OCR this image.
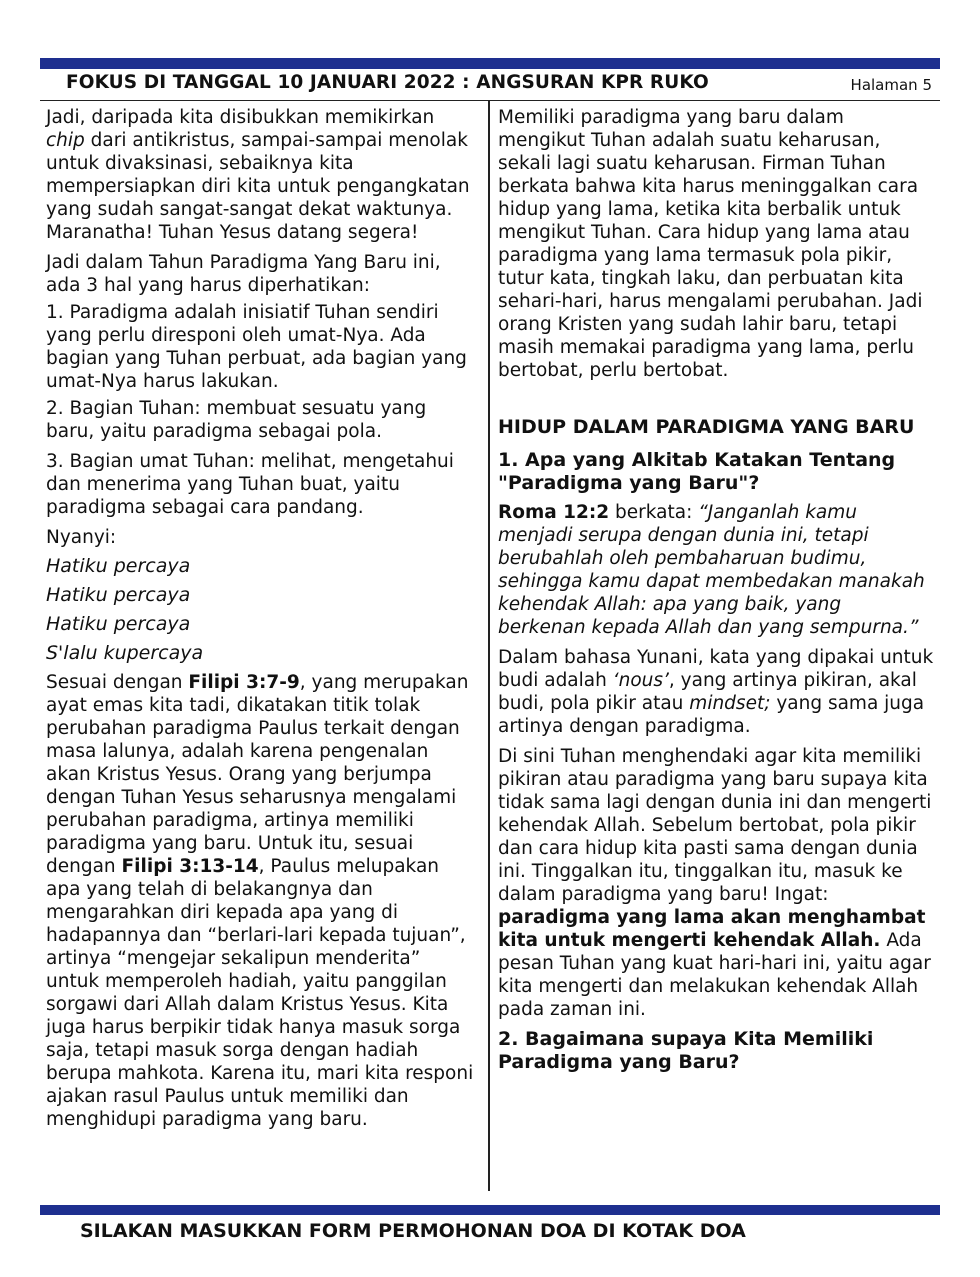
FOKUS DI TANGGAL 10 JANUARI 2022 : ANGSURAN KPR RUKO	Halaman 5

Jadi, daripada kita disibukkan memikirkan chip dari antikristus, sampai-sampai menolak untuk divaksinasi, sebaiknya kita mempersiapkan diri kita untuk pengangkatan yang sudah sangat-sangat dekat waktunya. Maranatha! Tuhan Yesus datang segera!

Jadi dalam Tahun Paradigma Yang Baru ini, ada 3 hal yang harus diperhatikan:

1. Paradigma adalah inisiatif Tuhan sendiri yang perlu diresponi oleh umat-Nya. Ada bagian yang Tuhan perbuat, ada bagian yang umat-Nya harus lakukan.

2. Bagian Tuhan: membuat sesuatu yang baru, yaitu paradigma sebagai pola.

3. Bagian umat Tuhan: melihat, mengetahui dan menerima yang Tuhan buat, yaitu paradigma sebagai cara pandang.

Nyanyi:

Hatiku percaya
Hatiku percaya
Hatiku percaya
S'lalu kupercaya

Sesuai dengan Filipi 3:7-9, yang merupakan ayat emas kita tadi, dikatakan titik tolak perubahan paradigma Paulus terkait dengan masa lalunya, adalah karena pengenalan akan Kristus Yesus. Orang yang berjumpa dengan Tuhan Yesus seharusnya mengalami perubahan paradigma, artinya memiliki paradigma yang baru. Untuk itu, sesuai dengan Filipi 3:13-14, Paulus melupakan apa yang telah di belakangnya dan mengarahkan diri kepada apa yang di hadapannya dan “berlari-lari kepada tujuan”, artinya “mengejar sekalipun menderita” untuk memperoleh hadiah, yaitu panggilan sorgawi dari Allah dalam Kristus Yesus. Kita juga harus berpikir tidak hanya masuk sorga saja, tetapi masuk sorga dengan hadiah berupa mahkota. Karena itu, mari kita responi ajakan rasul Paulus untuk memiliki dan menghidupi paradigma yang baru.

Memiliki paradigma yang baru dalam mengikut Tuhan adalah suatu keharusan, sekali lagi suatu keharusan. Firman Tuhan berkata bahwa kita harus meninggalkan cara hidup yang lama, ketika kita berbalik untuk mengikut Tuhan. Cara hidup yang lama atau paradigma yang lama termasuk pola pikir, tutur kata, tingkah laku, dan perbuatan kita sehari-hari, harus mengalami perubahan. Jadi orang Kristen yang sudah lahir baru, tetapi masih memakai paradigma yang lama, perlu bertobat, perlu bertobat.

HIDUP DALAM PARADIGMA YANG BARU
1. Apa yang Alkitab Katakan Tentang "Paradigma yang Baru"?

Roma 12:2 berkata: “Janganlah kamu menjadi serupa dengan dunia ini, tetapi berubahlah oleh pembaharuan budimu, sehingga kamu dapat membedakan manakah kehendak Allah: apa yang baik, yang berkenan kepada Allah dan yang sempurna.”

Dalam bahasa Yunani, kata yang dipakai untuk budi adalah ‘nous’, yang artinya pikiran, akal budi, pola pikir atau mindset; yang sama juga artinya dengan paradigma.

Di sini Tuhan menghendaki agar kita memiliki pikiran atau paradigma yang baru supaya kita tidak sama lagi dengan dunia ini dan mengerti kehendak Allah. Sebelum bertobat, pola pikir dan cara hidup kita pasti sama dengan dunia ini. Tinggalkan itu, tinggalkan itu, masuk ke dalam paradigma yang baru! Ingat: paradigma yang lama akan menghambat kita untuk mengerti kehendak Allah. Ada pesan Tuhan yang kuat hari-hari ini, yaitu agar kita mengerti dan melakukan kehendak Allah pada zaman ini.

2. Bagaimana supaya Kita Memiliki Paradigma yang Baru?
SILAKAN MASUKKAN FORM PERMOHONAN DOA DI KOTAK DOA
